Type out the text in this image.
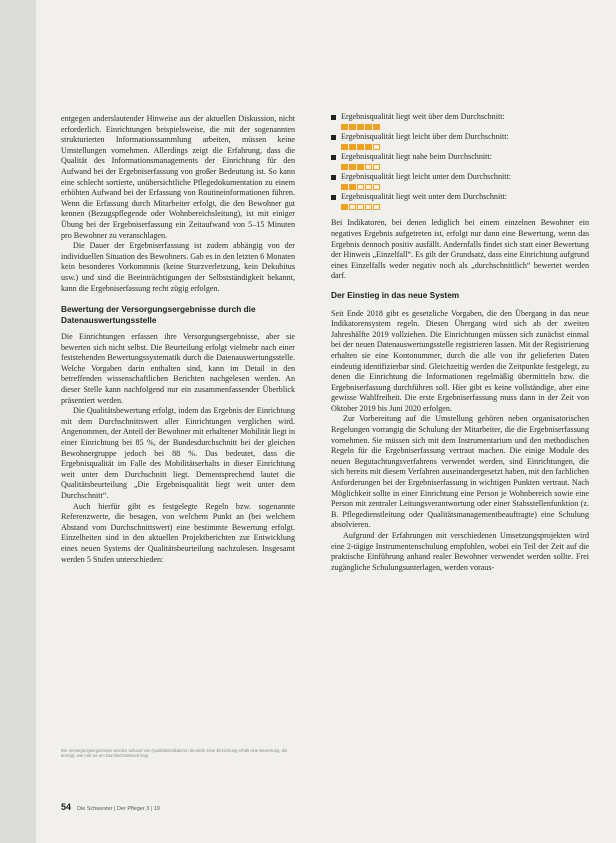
entgegen anderslautender Hinweise aus der aktuellen Diskussion, nicht erforderlich. Einrichtungen beispielsweise, die mit der sogenannten strukturierten Informationssammlung arbeiten, müssen keine Umstellungen vornehmen. Allerdings zeigt die Erfahrung, dass die Qualität des Informationsmanagements der Einrichtung für den Aufwand bei der Ergebniserfassung von großer Bedeutung ist. So kann eine schlecht sortierte, unübersichtliche Pflegedokumentation zu einem erhöhten Aufwand bei der Erfassung von Routineinformationen führen. Wenn die Erfassung durch Mitarbeiter erfolgt, die den Bewohner gut kennen (Bezugspflegende oder Wohnbereichsleitung), ist mit einiger Übung bei der Ergebniserfassung ein Zeitaufwand von 5–15 Minuten pro Bewohner zu veranschlagen.

Die Dauer der Ergebniserfassung ist zudem abhängig von der individuellen Situation des Bewohners. Gab es in den letzten 6 Monaten kein besonderes Vorkommnis (keine Sturzverletzung, kein Dekubitus usw.) und sind die Beeinträchtigungen der Selbstständigkeit bekannt, kann die Ergebniserfassung recht zügig erfolgen.

Bewertung der Versorgungsergebnisse durch die Datenauswertungsstelle

Die Einrichtungen erfassen ihre Versorgungsergebnisse, aber sie bewerten sich nicht selbst. Die Beurteilung erfolgt vielmehr nach einer feststehenden Bewertungssystematik durch die Datenauswertungsstelle. Welche Vorgaben darin enthalten sind, kann im Detail in den betreffenden wissenschaftlichen Berichten nachgelesen werden. An dieser Stelle kann nachfolgend nur ein zusammenfassender Überblick präsentiert werden.

Die Qualitätsbewertung erfolgt, indem das Ergebnis der Einrichtung mit dem Durchschnittswert aller Einrichtungen verglichen wird. Angenommen, der Anteil der Bewohner mit erhaltener Mobilität liegt in einer Einrichtung bei 85 %, der Bundesdurchschnitt bei der gleichen Bewohnergruppe jedoch bei 88 %. Das bedeutet, dass die Ergebnisqualität im Falle des Mobilitätserhalts in dieser Einrichtung weit unter dem Durchschnitt liegt. Dementsprechend lautet die Qualitätsbeurteilung „Die Ergebnisqualität liegt weit unter dem Durchschnitt“.

Auch hierfür gibt es festgelegte Regeln bzw. sogenannte Referenzwerte, die besagen, von welchem Punkt an (bei welchem Abstand vom Durchschnittswert) eine bestimmte Bewertung erfolgt. Einzelheiten sind in den aktuellen Projektberichten zur Entwicklung eines neuen Systems der Qualitätsbeurteilung nachzulesen. Insgesamt werden 5 Stufen unterschieden:

Die Versorgungsergebnisse werden anhand von Qualitätsindikatoren beurteilt. Eine Einrichtung erhält eine Bewertung, die anzeigt, wie nah sie am Durchschnittswert liegt.
Ergebnisqualität liegt weit über dem Durchschnitt:
Ergebnisqualität liegt leicht über dem Durchschnitt:
Ergebnisqualität liegt nahe beim Durchschnitt:
Ergebnisqualität liegt leicht unter dem Durchschnitt:
Ergebnisqualität liegt weit unter dem Durchschnitt:

Bei Indikatoren, bei denen lediglich bei einem einzelnen Bewohner ein negatives Ergebnis aufgetreten ist, erfolgt nur dann eine Bewertung, wenn das Ergebnis dennoch positiv ausfällt. Andernfalls findet sich statt einer Bewertung der Hinweis „Einzelfall“. Es gilt der Grundsatz, dass eine Einrichtung aufgrund eines Einzelfalls weder negativ noch als „durchschnittlich“ bewertet werden darf.

Der Einstieg in das neue System

Seit Ende 2018 gibt es gesetzliche Vorgaben, die den Übergang in das neue Indikatorensystem regeln. Diesen Übergang wird sich ab der zweiten Jahreshälfte 2019 vollziehen. Die Einrichtungen müssen sich zunächst einmal bei der neuen Datenauswertungsstelle registrieren lassen. Mit der Registrierung erhalten sie eine Kontonummer, durch die alle von ihr gelieferten Daten eindeutig identifizierbar sind. Gleichzeitig werden die Zeitpunkte festgelegt, zu denen die Einrichtung die Informationen regelmäßig übermitteln bzw. die Ergebniserfassung durchführen soll. Hier gibt es keine vollständige, aber eine gewisse Wahlfreiheit. Die erste Ergebniserfassung muss dann in der Zeit von Oktober 2019 bis Juni 2020 erfolgen.

Zur Vorbereitung auf die Umstellung gehören neben organisatorischen Regelungen vorrangig die Schulung der Mitarbeiter, die die Ergebniserfassung vornehmen. Sie müssen sich mit dem Instrumentarium und den methodischen Regeln für die Ergebniserfassung vertraut machen. Die einige Module des neuen Begutachtungsverfahrens verwendet werden, sind Einrichtungen, die sich bereits mit diesem Verfahren auseinandergesetzt haben, mit den fachlichen Anforderungen bei der Ergebniserfassung in wichtigen Punkten vertraut. Nach Möglichkeit sollte in einer Einrichtung eine Person je Wohnbereich sowie eine Person mit zentraler Leitungsverantwortung oder einer Stabsstellenfunktion (z. B. Pflegedienstleitung oder Qualitätsmanagementbeauftragte) eine Schulung absolvieren.

Aufgrund der Erfahrungen mit verschiedenen Umsetzungsprojekten wird eine 2-tägige Instrumentenschulung empfohlen, wobei ein Teil der Zeit auf die praktische Einführung anhand realer Bewohner verwendet werden sollte. Frei zugängliche Schulungsunterlagen, werden voraus-

54 Die Schwester | Der Pfleger 3 | 19
